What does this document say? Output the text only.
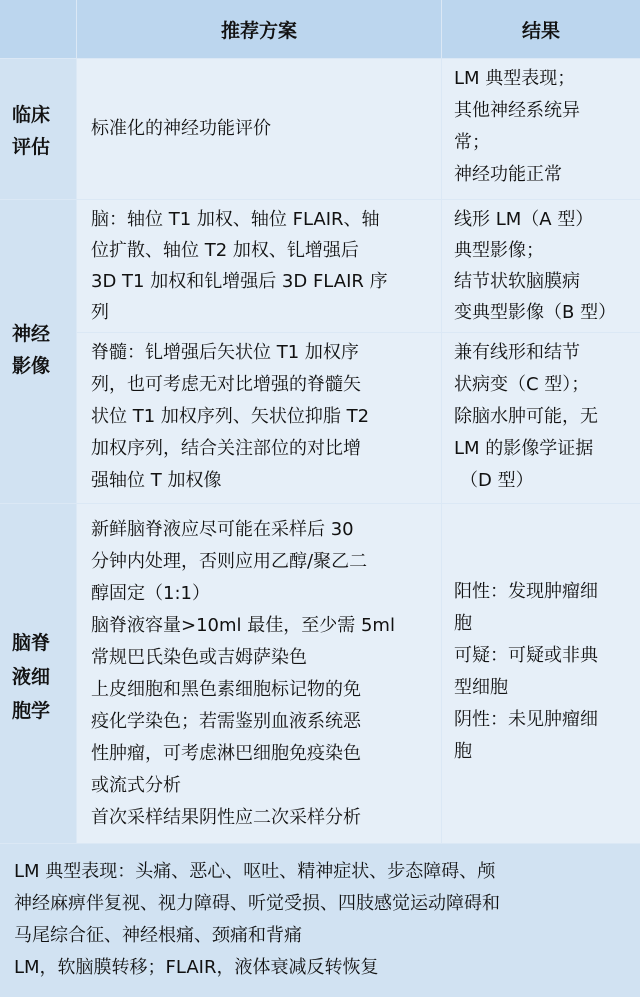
推荐方案	结果
临床
评估
标准化的神经功能评价
LM 典型表现；
其他神经系统异
常；
神经功能正常
神经
影像
脑：轴位 T1 加权、轴位 FLAIR、轴
位扩散、轴位 T2 加权、钆增强后
3D T1 加权和钆增强后 3D FLAIR 序
列
线形 LM（A 型）
典型影像；
结节状软脑膜病
变典型影像（B 型）
脊髓：钆增强后矢状位 T1 加权序
列，也可考虑无对比增强的脊髓矢
状位 T1 加权序列、矢状位抑脂 T2
加权序列，结合关注部位的对比增
强轴位 T 加权像
兼有线形和结节
状病变（C 型）；
除脑水肿可能，无
LM 的影像学证据
（D 型）
脑脊
液细
胞学
新鲜脑脊液应尽可能在采样后 30
分钟内处理，否则应用乙醇/聚乙二
醇固定（1:1）
脑脊液容量>10ml 最佳，至少需 5ml
常规巴氏染色或吉姆萨染色
上皮细胞和黑色素细胞标记物的免
疫化学染色；若需鉴别血液系统恶
性肿瘤，可考虑淋巴细胞免疫染色
或流式分析
首次采样结果阴性应二次采样分析
阳性：发现肿瘤细
胞
可疑：可疑或非典
型细胞
阴性：未见肿瘤细
胞
LM 典型表现：头痛、恶心、呕吐、精神症状、步态障碍、颅
神经麻痹伴复视、视力障碍、听觉受损、四肢感觉运动障碍和
马尾综合征、神经根痛、颈痛和背痛
LM，软脑膜转移；FLAIR，液体衰减反转恢复
